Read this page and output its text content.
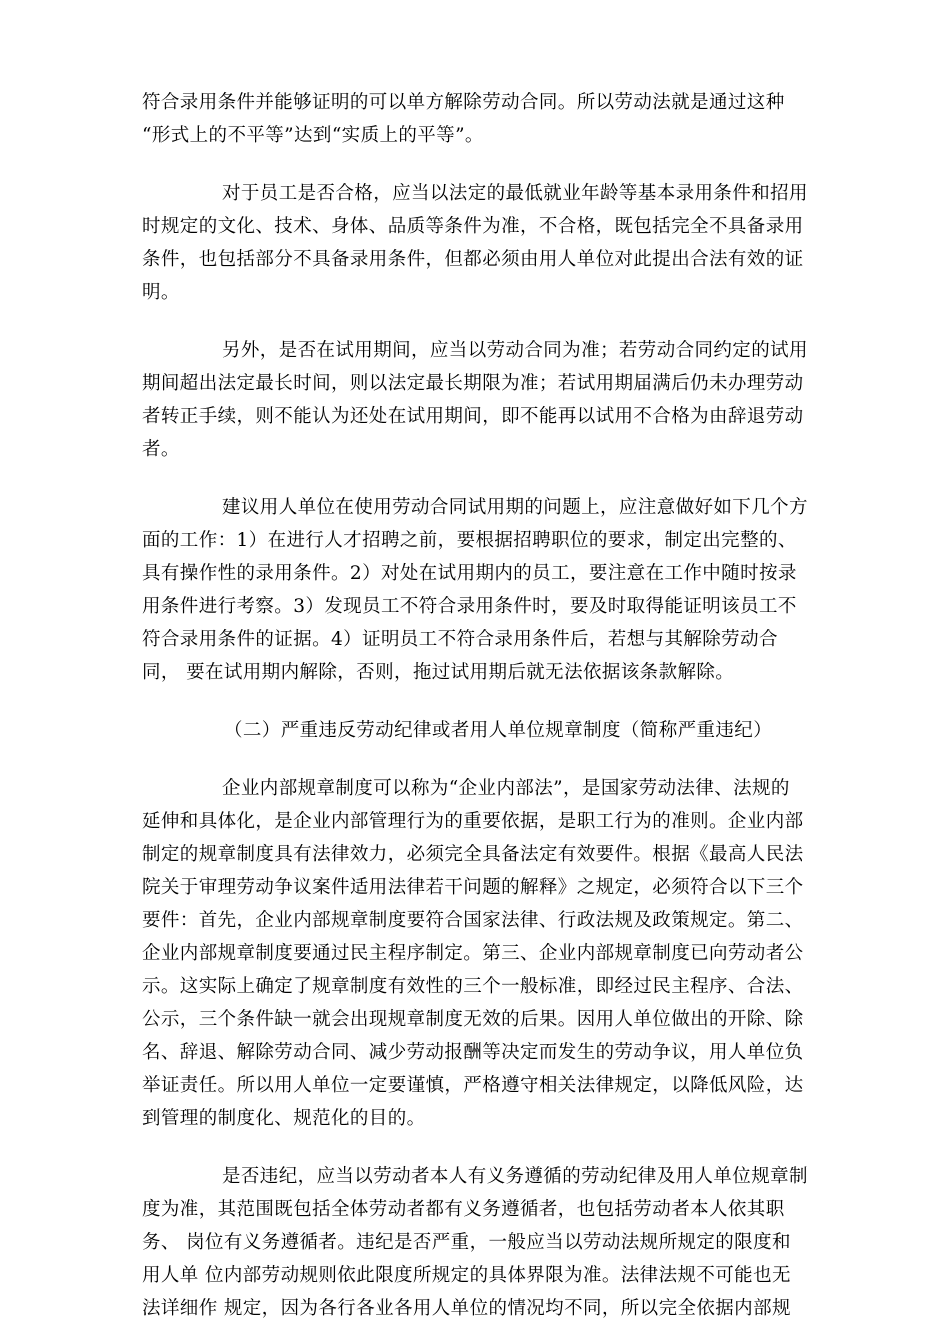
符合录用条件并能够证明的可以单方解除劳动合同。所以劳动法就是通过这种
“形式上的不平等”达到“实质上的平等”。

对于员工是否合格，应当以法定的最低就业年龄等基本录用条件和招用
时规定的文化、技术、身体、品质等条件为准，不合格，既包括完全不具备录用
条件，也包括部分不具备录用条件，但都必须由用人单位对此提出合法有效的证
明。

另外，是否在试用期间，应当以劳动合同为准；若劳动合同约定的试用
期间超出法定最长时间，则以法定最长期限为准；若试用期届满后仍未办理劳动
者转正手续，则不能认为还处在试用期间，即不能再以试用不合格为由辞退劳动
者。

建议用人单位在使用劳动合同试用期的问题上，应注意做好如下几个方
面的工作：1）在进行人才招聘之前，要根据招聘职位的要求，制定出完整的、
具有操作性的录用条件。2）对处在试用期内的员工，要注意在工作中随时按录
用条件进行考察。3）发现员工不符合录用条件时，要及时取得能证明该员工不
符合录用条件的证据。4）证明员工不符合录用条件后，若想与其解除劳动合
同， 要在试用期内解除，否则，拖过试用期后就无法依据该条款解除。

（二）严重违反劳动纪律或者用人单位规章制度（简称严重违纪）

企业内部规章制度可以称为“企业内部法”，是国家劳动法律、法规的
延伸和具体化，是企业内部管理行为的重要依据，是职工行为的准则。企业内部
制定的规章制度具有法律效力，必须完全具备法定有效要件。根据《最高人民法
院关于审理劳动争议案件适用法律若干问题的解释》之规定，必须符合以下三个
要件：首先，企业内部规章制度要符合国家法律、行政法规及政策规定。第二、
企业内部规章制度要通过民主程序制定。第三、企业内部规章制度已向劳动者公
示。这实际上确定了规章制度有效性的三个一般标准，即经过民主程序、合法、
公示，三个条件缺一就会出现规章制度无效的后果。因用人单位做出的开除、除
名、辞退、解除劳动合同、减少劳动报酬等决定而发生的劳动争议，用人单位负
举证责任。所以用人单位一定要谨慎，严格遵守相关法律规定，以降低风险，达
到管理的制度化、规范化的目的。

是否违纪，应当以劳动者本人有义务遵循的劳动纪律及用人单位规章制
度为准，其范围既包括全体劳动者都有义务遵循者，也包括劳动者本人依其职
务、 岗位有义务遵循者。违纪是否严重，一般应当以劳动法规所规定的限度和
用人单 位内部劳动规则依此限度所规定的具体界限为准。法律法规不可能也无
法详细作 规定，因为各行各业各用人单位的情况均不同，所以完全依据内部规
